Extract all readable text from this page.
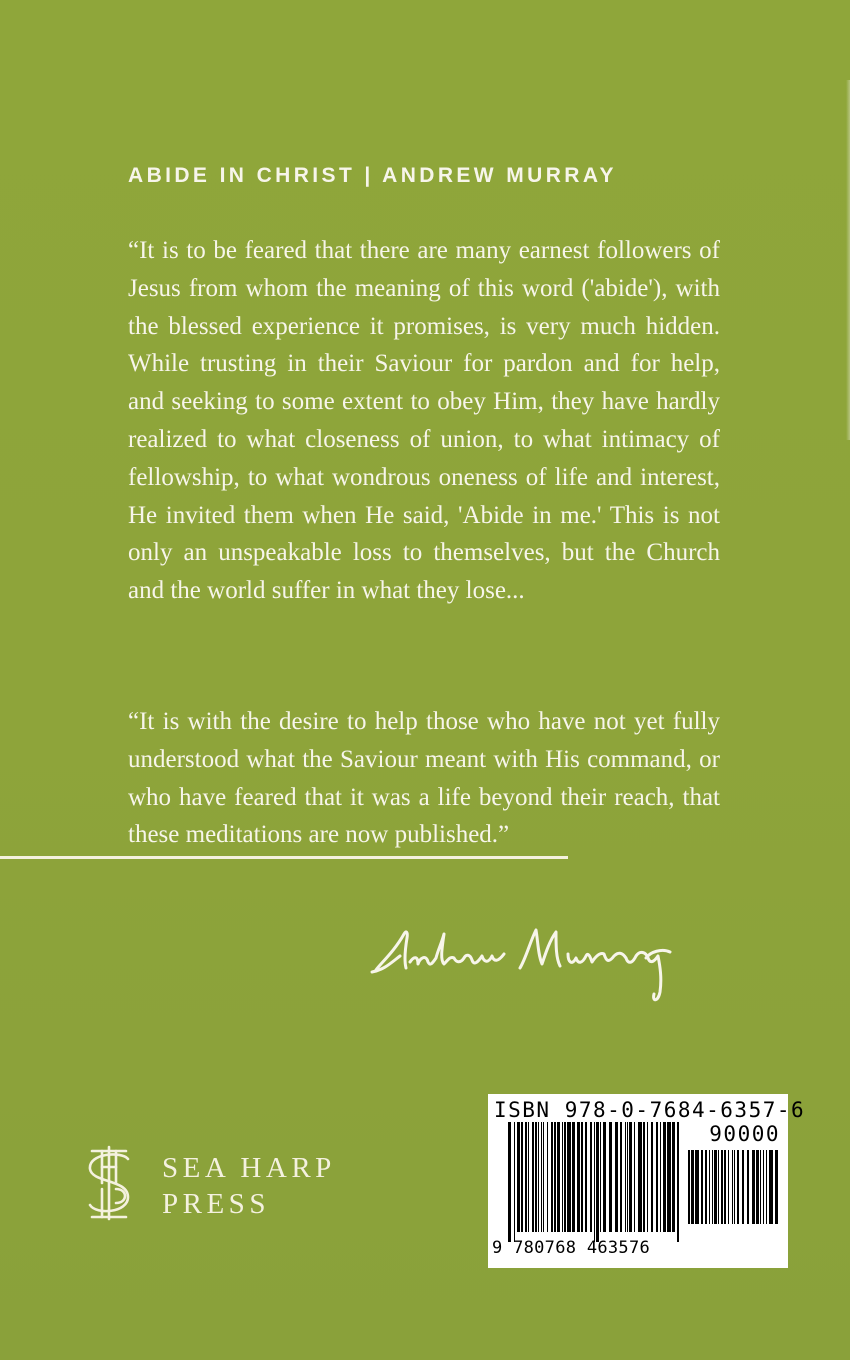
ABIDE IN CHRIST | ANDREW MURRAY

“It is to be feared that there are many earnest followers of Jesus from whom the meaning of this word ('abide'), with the blessed experience it promises, is very much hidden. While trusting in their Saviour for pardon and for help, and seeking to some extent to obey Him, they have hardly realized to what closeness of union, to what intimacy of fellowship, to what wondrous oneness of life and interest, He invited them when He said, 'Abide in me.' This is not only an unspeakable loss to themselves, but the Church and the world suffer in what they lose...

“It is with the desire to help those who have not yet fully understood what the Saviour meant with His command, or who have feared that it was a life beyond their reach, that these meditations are now published.”

SEA HARP
PRESS
ISBN 978-0-7684-6357-6
90000
9 780768 463576
